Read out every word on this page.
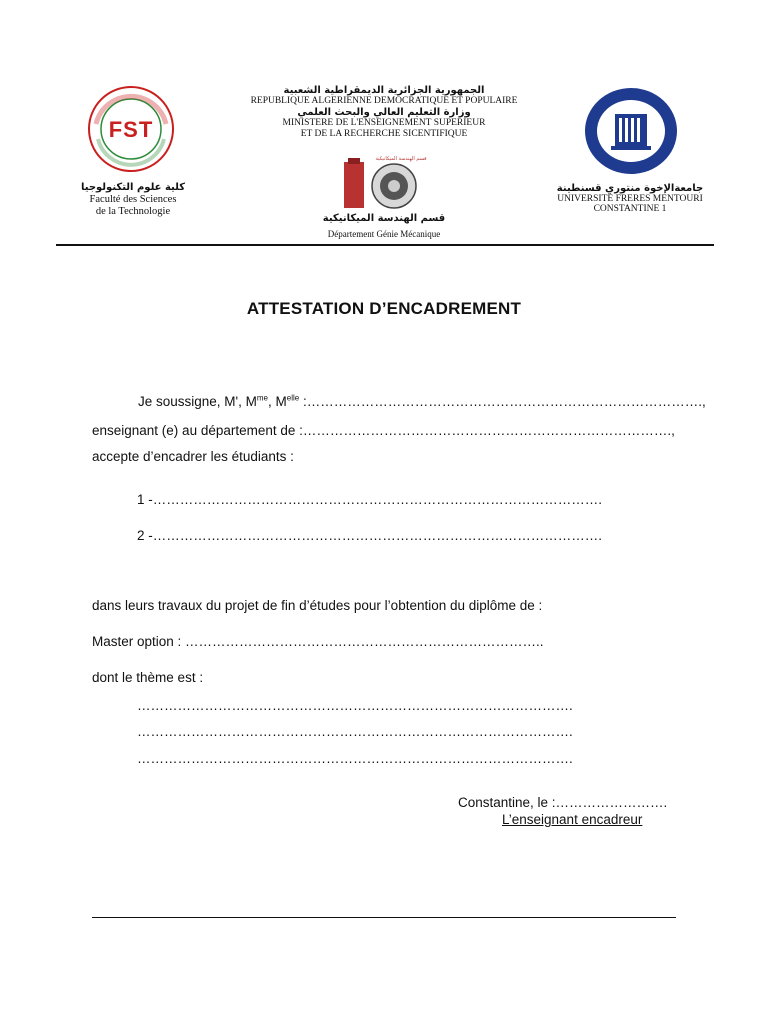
FST
الجمهورية الجزائرية الديمقراطية الشعبية
REPUBLIQUE ALGERIENNE DEMOCRATIQUE ET POPULAIRE
وزارة التعليم العالي والبحث العلمي
MINISTERE DE L'ENSEIGNEMENT SUPERIEUR
ET DE LA RECHERCHE SICENTIFIQUE
قسم الهندسة الميكانيكية
قسم الهندسة الميكانيكية
Département Génie Mécanique
كلية علوم التكنولوجيا
Faculté des Sciences
de la Technologie
جامعةالإخوة منتوري قسنطينة
UNIVERSITÉ FRERES MENTOURI
CONSTANTINE 1
ATTESTATION D’ENCADREMENT
Je soussigne, M', $M^{me}$, $M^{elle}$ :…………………………………………………………………………….,
enseignant (e) au département de :……………………………………………………………………….,
accepte d’encadrer les étudiants :
1 -……………………………………………………………………………………….
2 -……………………………………………………………………………………….
dans leurs travaux du projet de fin d’études pour l’obtention du diplôme de :
Master option : ……………………………………………………………………..
dont le thème est :
…………………………………………………………………………………….
…………………………………………………………………………………….
…………………………………………………………………………………….
Constantine, le :…………………….
L’enseignant encadreur
